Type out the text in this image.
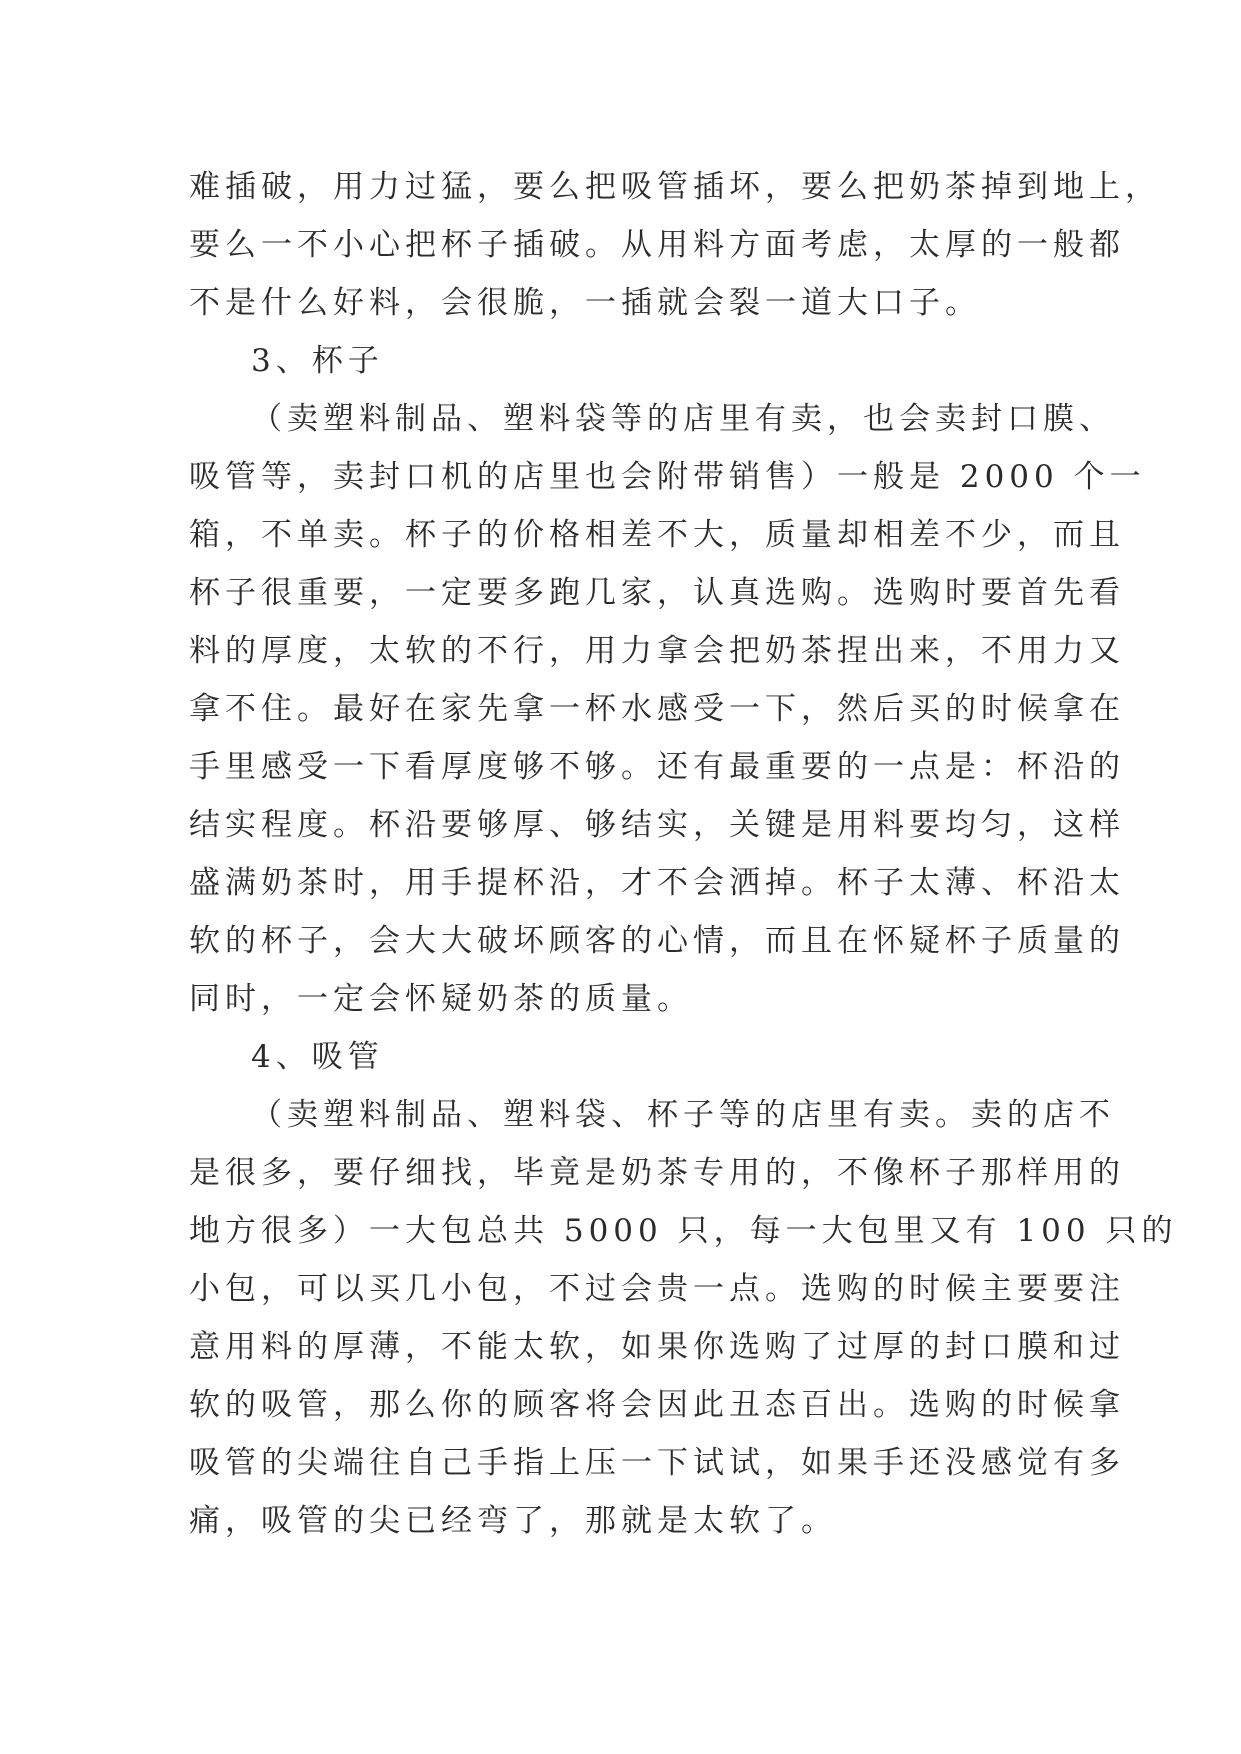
难插破，用力过猛，要么把吸管插坏，要么把奶茶掉到地上，
要么一不小心把杯子插破。从用料方面考虑，太厚的一般都
不是什么好料，会很脆，一插就会裂一道大口子。
3、杯子
（卖塑料制品、塑料袋等的店里有卖，也会卖封口膜、
吸管等，卖封口机的店里也会附带销售）一般是 2000 个一
箱，不单卖。杯子的价格相差不大，质量却相差不少，而且
杯子很重要，一定要多跑几家，认真选购。选购时要首先看
料的厚度，太软的不行，用力拿会把奶茶捏出来，不用力又
拿不住。最好在家先拿一杯水感受一下，然后买的时候拿在
手里感受一下看厚度够不够。还有最重要的一点是：杯沿的
结实程度。杯沿要够厚、够结实，关键是用料要均匀，这样
盛满奶茶时，用手提杯沿，才不会洒掉。杯子太薄、杯沿太
软的杯子，会大大破坏顾客的心情，而且在怀疑杯子质量的
同时，一定会怀疑奶茶的质量。
4、吸管
（卖塑料制品、塑料袋、杯子等的店里有卖。卖的店不
是很多，要仔细找，毕竟是奶茶专用的，不像杯子那样用的
地方很多）一大包总共 5000 只，每一大包里又有 100 只的
小包，可以买几小包，不过会贵一点。选购的时候主要要注
意用料的厚薄，不能太软，如果你选购了过厚的封口膜和过
软的吸管，那么你的顾客将会因此丑态百出。选购的时候拿
吸管的尖端往自己手指上压一下试试，如果手还没感觉有多
痛，吸管的尖已经弯了，那就是太软了。
